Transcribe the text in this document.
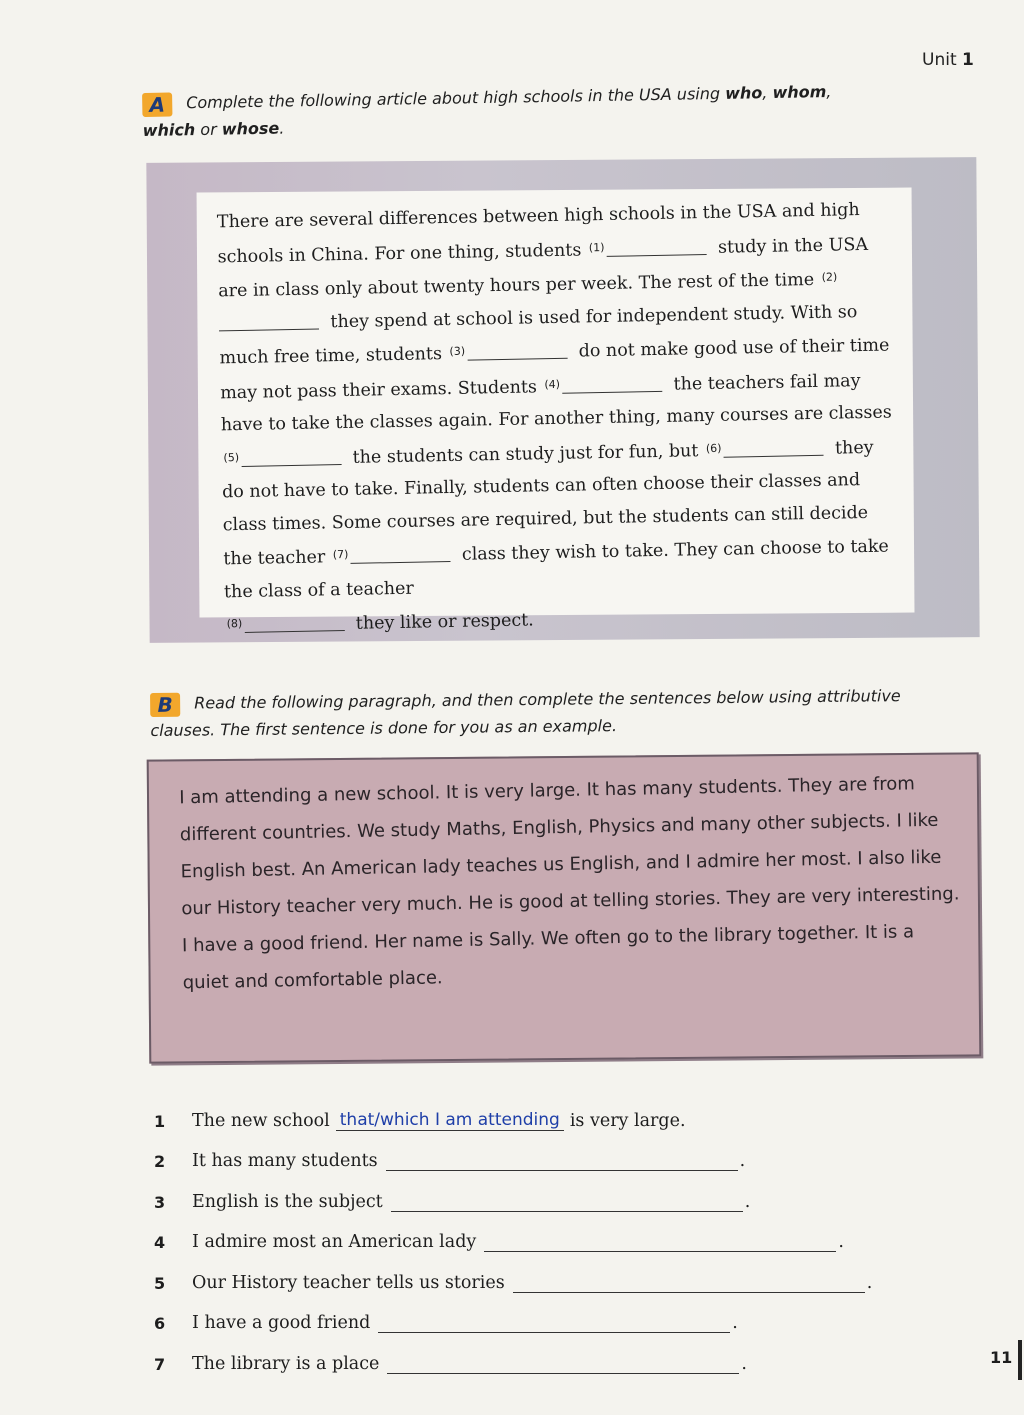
Unit 1
A Complete the following article about high schools in the USA using who, whom,
which or whose.
There are several differences between high schools in the USA and high schools in China. For one thing, students $^{(1)}$	study in the USA are in class only about twenty hours per week. The rest of the time $^{(2)}$ they spend at school is used for independent study. With so much free time, students $^{(3)}$	do not make good use of their time may not pass their exams. Students $^{(4)}$	the teachers fail may have to take the classes again. For another thing, many courses are classes $^{(5)}$	the students can study just for fun, but $^{(6)}$	they do not have to take. Finally, students can often choose their classes and class times. Some courses are required, but the students can still decide the teacher $^{(7)}$	class they wish to take. They can choose to take the class of a teacher
$^{(8)}$	they like or respect.
B Read the following paragraph, and then complete the sentences below using attributive clauses. The first sentence is done for you as an example.
I am attending a new school. It is very large. It has many students. They are from different countries. We study Maths, English, Physics and many other subjects. I like English best. An American lady teaches us English, and I admire her most. I also like our History teacher very much. He is good at telling stories. They are very interesting. I have a good friend. Her name is Sally. We often go to the library together. It is a quiet and comfortable place.
1	The new school that/which I am attending is very large.
2	It has many students	.
3	English is the subject	.
4	I admire most an American lady	.
5	Our History teacher tells us stories	.
6	I have a good friend	.
7	The library is a place	.	11
